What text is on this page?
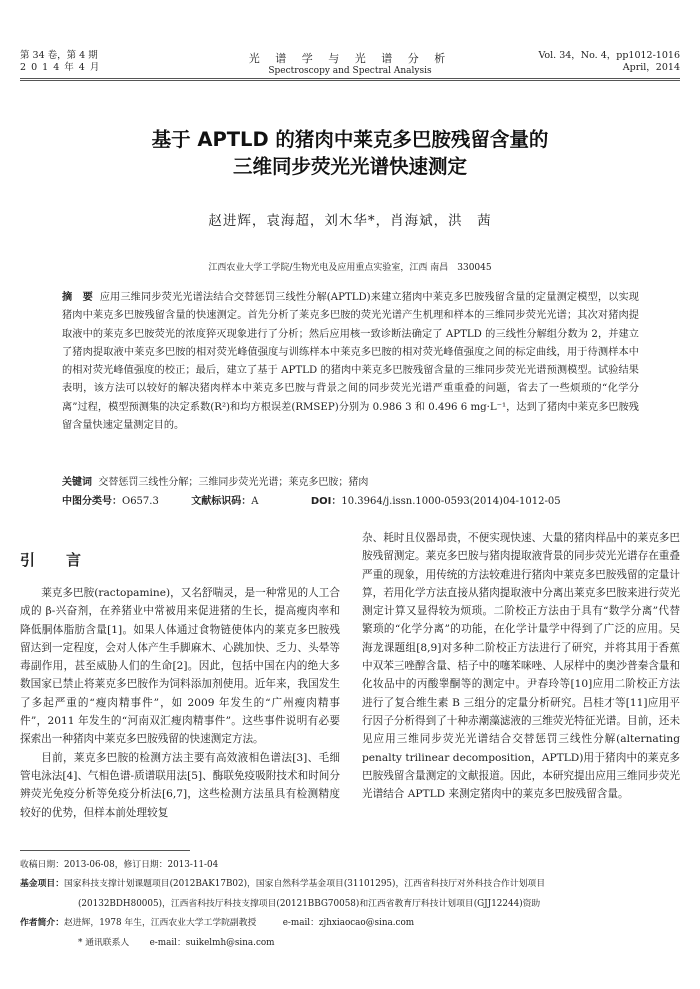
第 34 卷，第 4 期
2 0 1 4 年 4 月
光 谱 学 与 光 谱 分 析
Spectroscopy and Spectral Analysis
Vol. 34，No. 4，pp1012-1016
April，2014
基于 APTLD 的猪肉中莱克多巴胺残留含量的
三维同步荧光光谱快速测定
赵进辉，袁海超，刘木华*，肖海斌，洪　茜
江西农业大学工学院/生物光电及应用重点实验室，江西 南昌　330045
摘　要 应用三维同步荧光光谱法结合交替惩罚三线性分解(APTLD)来建立猪肉中莱克多巴胺残留含量的定量测定模型，以实现猪肉中莱克多巴胺残留含量的快速测定。首先分析了莱克多巴胺的荧光光谱产生机理和样本的三维同步荧光光谱；其次对猪肉提取液中的莱克多巴胺荧光的浓度猝灭现象进行了分析；然后应用核一致诊断法确定了 APTLD 的三线性分解组分数为 2，并建立了猪肉提取液中莱克多巴胺的相对荧光峰值强度与训练样本中莱克多巴胺的相对荧光峰值强度之间的标定曲线，用于待测样本中的相对荧光峰值强度的校正；最后，建立了基于 APTLD 的猪肉中莱克多巴胺残留含量的三维同步荧光光谱预测模型。试验结果表明，该方法可以较好的解决猪肉样本中莱克多巴胺与背景之间的同步荧光光谱严重重叠的问题，省去了一些烦琐的“化学分离”过程，模型预测集的决定系数(R²)和均方根误差(RMSEP)分别为 0.986 3 和 0.496 6 mg·L⁻¹，达到了猪肉中莱克多巴胺残留含量快速定量测定目的。
关键词 交替惩罚三线性分解；三维同步荧光光谱；莱克多巴胺；猪肉
中图分类号：O657.3	文献标识码：A	DOI：10.3964/j.issn.1000-0593(2014)04-1012-05
引　言

莱克多巴胺(ractopamine)，又名舒喘灵，是一种常见的人工合成的 β-兴奋剂，在养猪业中常被用来促进猪的生长，提高瘦肉率和降低胴体脂肪含量[1]。如果人体通过食物链使体内的莱克多巴胺残留达到一定程度，会对人体产生手脚麻木、心跳加快、乏力、头晕等毒副作用，甚至威胁人们的生命[2]。因此，包括中国在内的绝大多数国家已禁止将莱克多巴胺作为饲料添加剂使用。近年来，我国发生了多起严重的“瘦肉精事件”，如 2009 年发生的“广州瘦肉精事件”，2011 年发生的“河南双汇瘦肉精事件”。这些事件说明有必要探索出一种猪肉中莱克多巴胺残留的快速测定方法。

目前，莱克多巴胺的检测方法主要有高效液相色谱法[3]、毛细管电泳法[4]、气相色谱-质谱联用法[5]、酶联免疫吸附技术和时间分辨荧光免疫分析等免疫分析法[6,7]，这些检测方法虽具有检测精度较好的优势，但样本前处理较复

杂、耗时且仪器昂贵，不便实现快速、大量的猪肉样品中的莱克多巴胺残留测定。莱克多巴胺与猪肉提取液背景的同步荧光光谱存在重叠严重的现象，用传统的方法较难进行猪肉中莱克多巴胺残留的定量计算，若用化学方法直接从猪肉提取液中分离出莱克多巴胺来进行荧光测定计算又显得较为烦琐。二阶校正方法由于具有“数学分离”代替繁琐的“化学分离”的功能，在化学计量学中得到了广泛的应用。吴海龙课题组[8,9]对多种二阶校正方法进行了研究，并将其用于香蕉中双苯三唑醇含量、桔子中的噻苯咪唑、人尿样中的奥沙普秦含量和化妆品中的丙酸睾酮等的测定中。尹春玲等[10]应用二阶校正方法进行了复合维生素 B 三组分的定量分析研究。吕桂才等[11]应用平行因子分析得到了十种赤潮藻滤液的三维荧光特征光谱。目前，还未见应用三维同步荧光光谱结合交替惩罚三线性分解(alternating penalty trilinear decomposition，APTLD)用于猪肉中的莱克多巴胺残留含量测定的文献报道。因此，本研究提出应用三维同步荧光光谱结合 APTLD 来测定猪肉中的莱克多巴胺残留含量。

收稿日期：2013-06-08，修订日期：2013-11-04
基金项目：国家科技支撑计划课题项目(2012BAK17B02)，国家自然科学基金项目(31101295)，江西省科技厅对外科技合作计划项目
(20132BDH80005)，江西省科技厅科技支撑项目(20121BBG70058)和江西省教育厅科技计划项目(GJJ12244)资助
作者简介：赵进辉，1978 年生，江西农业大学工学院副教授　　　e-mail：zjhxiaocao@sina.com
* 通讯联系人　　 e-mail：suikelmh@sina.com
